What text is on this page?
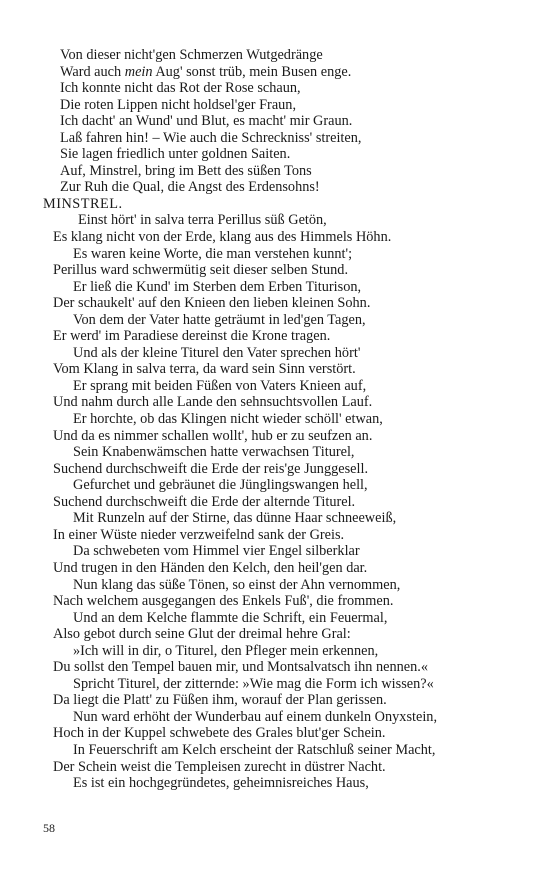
Von dieser nicht'gen Schmerzen Wutgedränge
Ward auch mein Aug' sonst trüb, mein Busen enge.
Ich konnte nicht das Rot der Rose schaun,
Die roten Lippen nicht holdsel'ger Fraun,
Ich dacht' an Wund' und Blut, es macht' mir Graun.
Laß fahren hin! – Wie auch die Schreckniss' streiten,
Sie lagen friedlich unter goldnen Saiten.
Auf, Minstrel, bring im Bett des süßen Tons
Zur Ruh die Qual, die Angst des Erdensohns!
MINSTREL.
Einst hört' in salva terra Perillus süß Getön,
Es klang nicht von der Erde, klang aus des Himmels Höhn.
Es waren keine Worte, die man verstehen kunnt';
Perillus ward schwermütig seit dieser selben Stund.
Er ließ die Kund' im Sterben dem Erben Titurison,
Der schaukelt' auf den Knieen den lieben kleinen Sohn.
Von dem der Vater hatte geträumt in led'gen Tagen,
Er werd' im Paradiese dereinst die Krone tragen.
Und als der kleine Titurel den Vater sprechen hört'
Vom Klang in salva terra, da ward sein Sinn verstört.
Er sprang mit beiden Füßen von Vaters Knieen auf,
Und nahm durch alle Lande den sehnsuchtsvollen Lauf.
Er horchte, ob das Klingen nicht wieder schöll' etwan,
Und da es nimmer schallen wollt', hub er zu seufzen an.
Sein Knabenwämschen hatte verwachsen Titurel,
Suchend durchschweift die Erde der reis'ge Junggesell.
Gefurchet und gebräunet die Jünglingswangen hell,
Suchend durchschweift die Erde der alternde Titurel.
Mit Runzeln auf der Stirne, das dünne Haar schneeweiß,
In einer Wüste nieder verzweifelnd sank der Greis.
Da schwebeten vom Himmel vier Engel silberklar
Und trugen in den Händen den Kelch, den heil'gen dar.
Nun klang das süße Tönen, so einst der Ahn vernommen,
Nach welchem ausgegangen des Enkels Fuß', die frommen.
Und an dem Kelche flammte die Schrift, ein Feuermal,
Also gebot durch seine Glut der dreimal hehre Gral:
»Ich will in dir, o Titurel, den Pfleger mein erkennen,
Du sollst den Tempel bauen mir, und Montsalvatsch ihn nennen.«
Spricht Titurel, der zitternde: »Wie mag die Form ich wissen?«
Da liegt die Platt' zu Füßen ihm, worauf der Plan gerissen.
Nun ward erhöht der Wunderbau auf einem dunkeln Onyxstein,
Hoch in der Kuppel schwebete des Grales blut'ger Schein.
In Feuerschrift am Kelch erscheint der Ratschluß seiner Macht,
Der Schein weist die Templeisen zurecht in düstrer Nacht.
Es ist ein hochgegründetes, geheimnisreiches Haus,
58
